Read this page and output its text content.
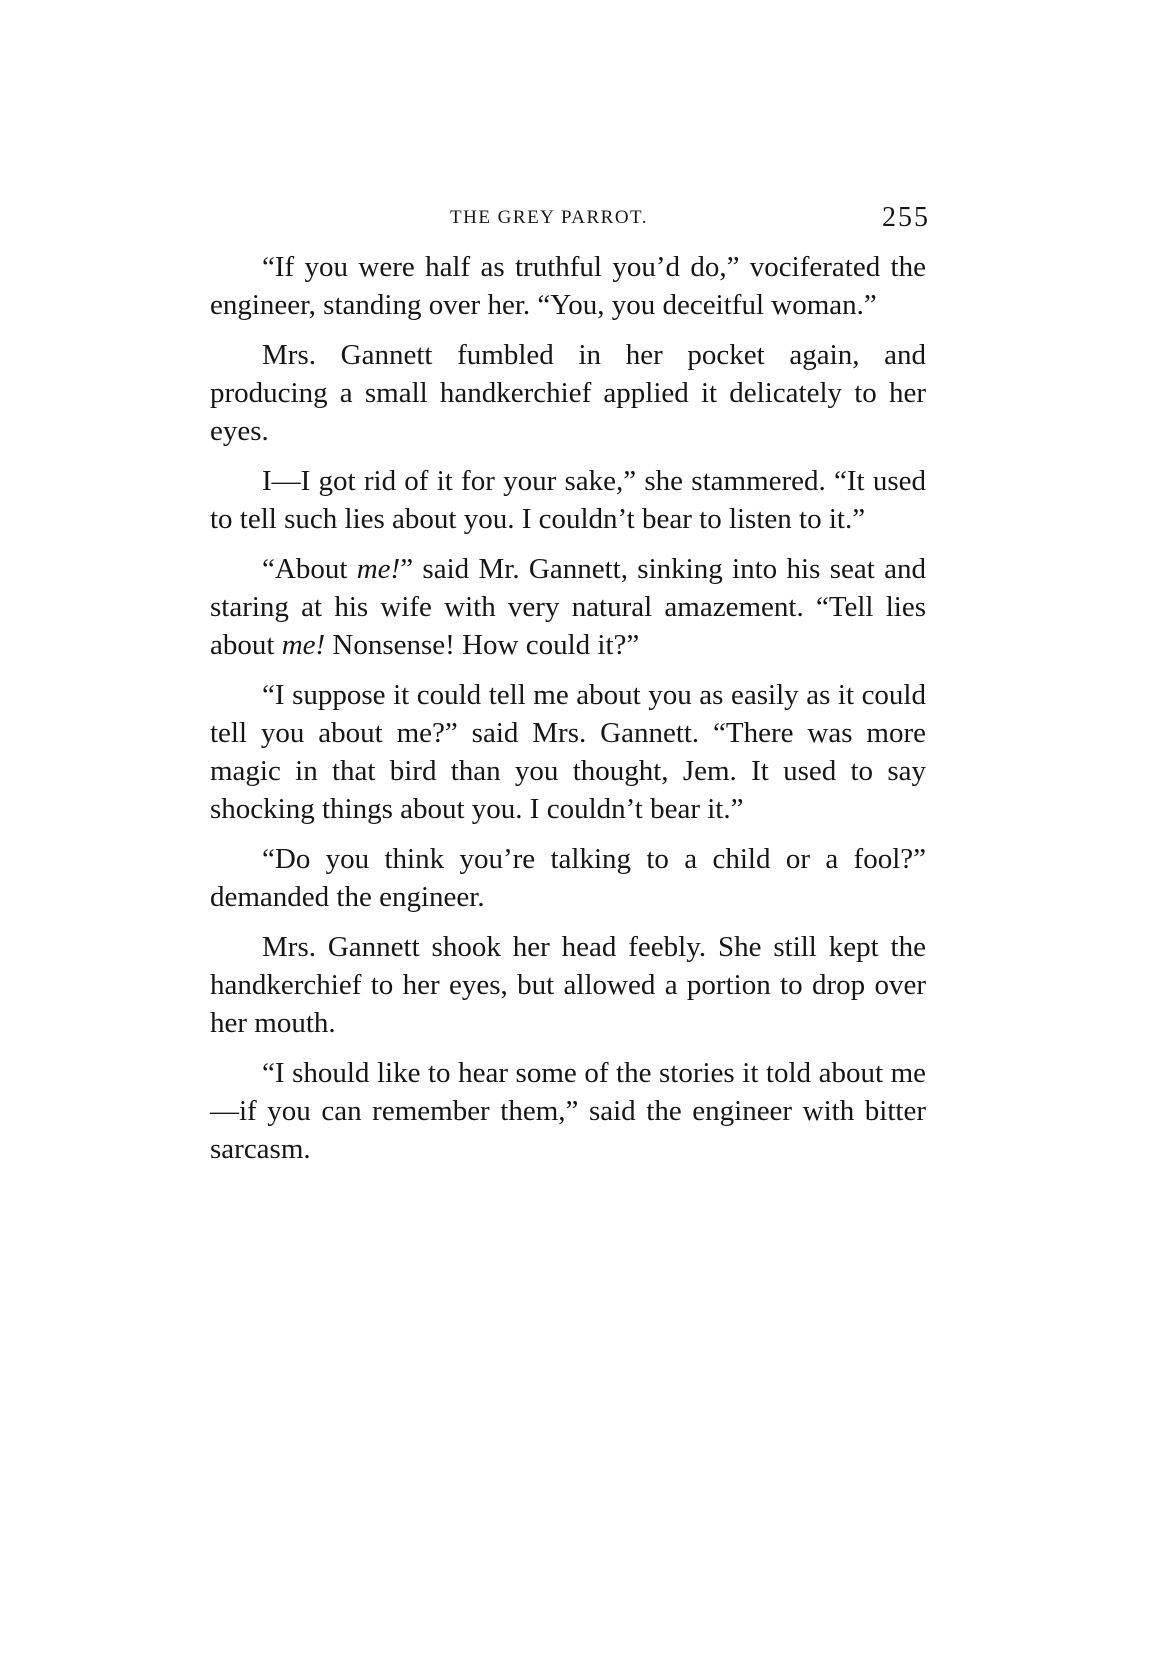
THE GREY PARROT.	255

“If you were half as truthful you’d do,” vociferated the engineer, standing over her. “You, you deceitful woman.”

Mrs. Gannett fumbled in her pocket again, and producing a small handkerchief applied it delicately to her eyes.

I—I got rid of it for your sake,” she stammered. “It used to tell such lies about you. I couldn’t bear to listen to it.”

“About me!” said Mr. Gannett, sinking into his seat and staring at his wife with very natural amazement. “Tell lies about me! Nonsense! How could it?”

“I suppose it could tell me about you as easily as it could tell you about me?” said Mrs. Gannett. “There was more magic in that bird than you thought, Jem. It used to say shocking things about you. I couldn’t bear it.”

“Do you think you’re talking to a child or a fool?” demanded the engineer.

Mrs. Gannett shook her head feebly. She still kept the handkerchief to her eyes, but allowed a portion to drop over her mouth.

“I should like to hear some of the stories it told about me—if you can remember them,” said the engineer with bitter sarcasm.
